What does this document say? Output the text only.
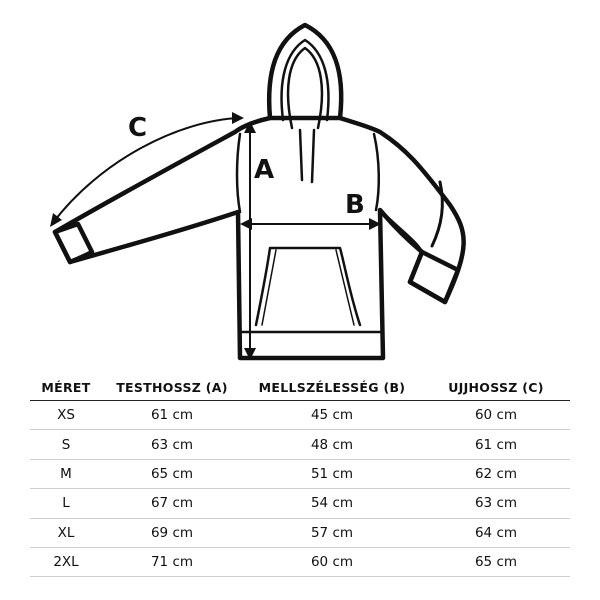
A
B
C
MÉRET	TESTHOSSZ (A)	MELLSZÉLESSÉG (B)	UJJHOSSZ (C)
XS	61 cm	45 cm	60 cm
S	63 cm	48 cm	61 cm
M	65 cm	51 cm	62 cm
L	67 cm	54 cm	63 cm
XL	69 cm	57 cm	64 cm
2XL	71 cm	60 cm	65 cm
